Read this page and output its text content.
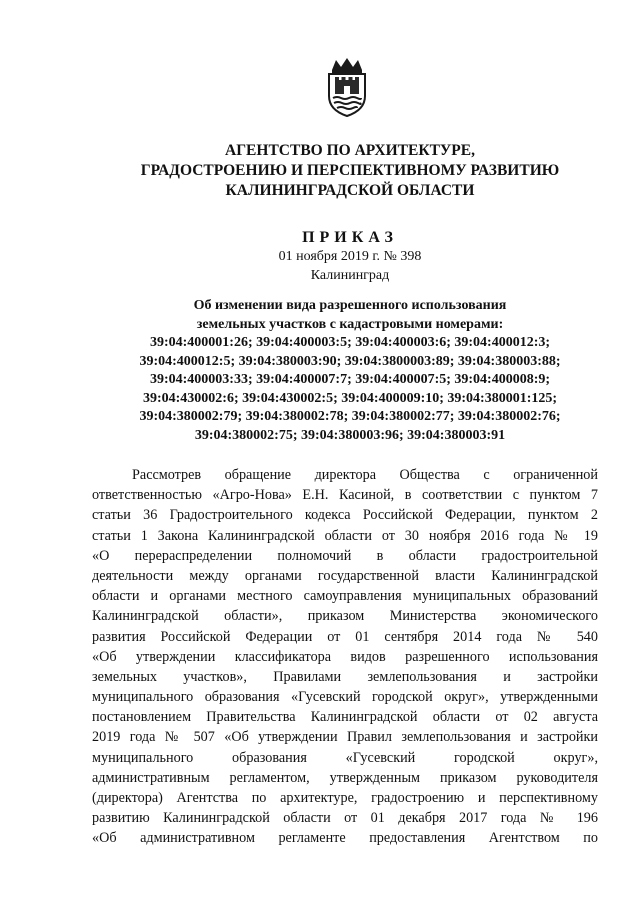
АГЕНТСТВО ПО АРХИТЕКТУРЕ,
ГРАДОСТРОЕНИЮ И ПЕРСПЕКТИВНОМУ РАЗВИТИЮ
КАЛИНИНГРАДСКОЙ ОБЛАСТИ
ПРИКАЗ
01 ноября 2019 г. № 398
Калининград
Об изменении вида разрешенного использования
земельных участков с кадастровыми номерами:
39:04:400001:26; 39:04:400003:5; 39:04:400003:6; 39:04:400012:3;
39:04:400012:5; 39:04:380003:90; 39:04:3800003:89; 39:04:380003:88;
39:04:400003:33; 39:04:400007:7; 39:04:400007:5; 39:04:400008:9;
39:04:430002:6; 39:04:430002:5; 39:04:400009:10; 39:04:380001:125;
39:04:380002:79; 39:04:380002:78; 39:04:380002:77; 39:04:380002:76;
39:04:380002:75; 39:04:380003:96; 39:04:380003:91
Рассмотрев обращение директора Общества с ограниченной
ответственностью «Агро-Нова» Е.Н. Касиной, в соответствии с пунктом 7
статьи 36 Градостроительного кодекса Российской Федерации, пунктом 2
статьи 1 Закона Калининградской области от 30 ноября 2016 года № 19
«О перераспределении полномочий в области градостроительной
деятельности между органами государственной власти Калининградской
области и органами местного самоуправления муниципальных образований
Калининградской области», приказом Министерства экономического
развития Российской Федерации от 01 сентября 2014 года № 540
«Об утверждении классификатора видов разрешенного использования
земельных участков», Правилами землепользования и застройки
муниципального образования «Гусевский городской округ», утвержденными
постановлением Правительства Калининградской области от 02 августа
2019 года № 507 «Об утверждении Правил землепользования и застройки
муниципального образования «Гусевский городской округ»,
административным регламентом, утвержденным приказом руководителя
(директора) Агентства по архитектуре, градостроению и перспективному
развитию Калининградской области от 01 декабря 2017 года № 196
«Об административном регламенте предоставления Агентством по
